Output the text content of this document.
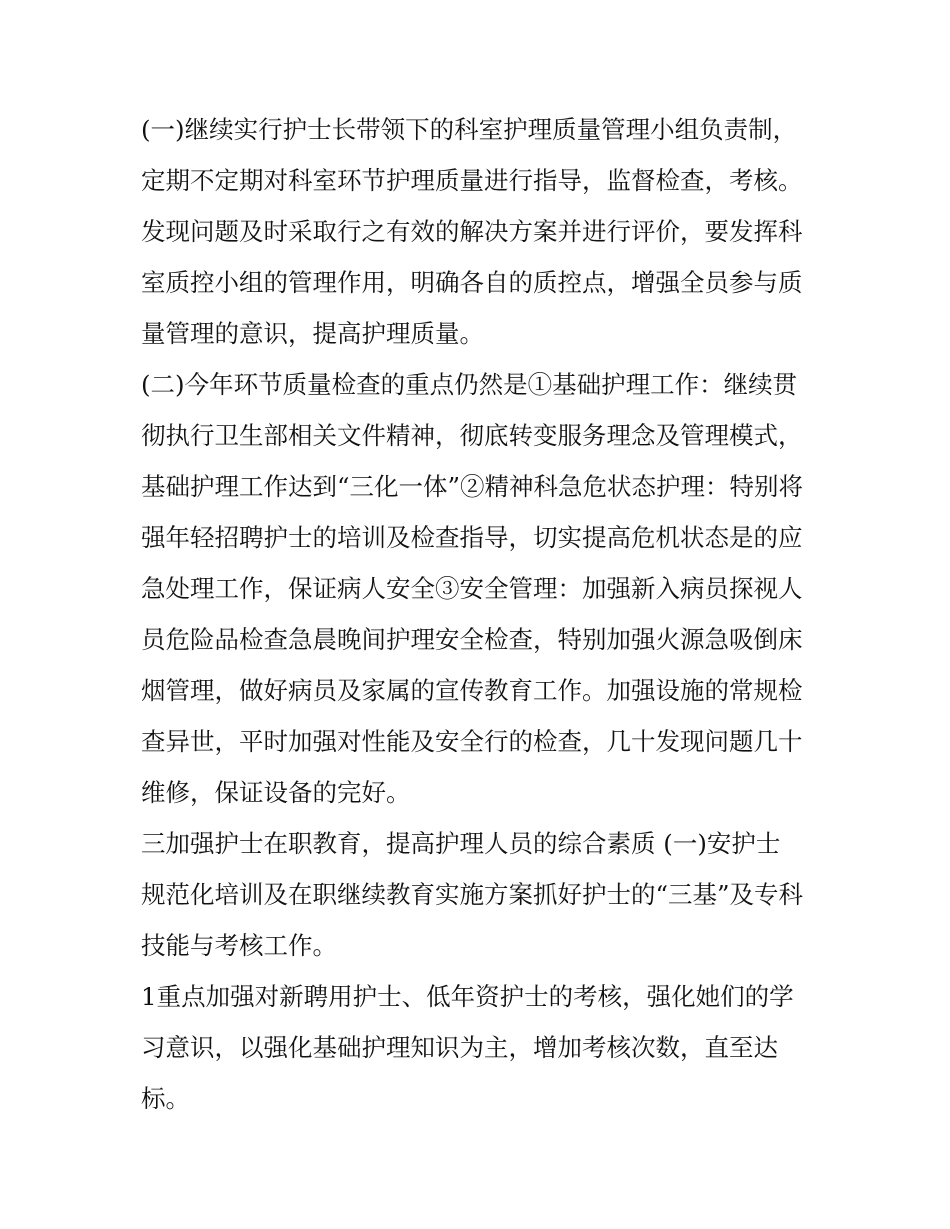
(一)继续实行护士长带领下的科室护理质量管理小组负责制，
定期不定期对科室环节护理质量进行指导，监督检查，考核。
发现问题及时采取行之有效的解决方案并进行评价，要发挥科
室质控小组的管理作用，明确各自的质控点，增强全员参与质
量管理的意识，提高护理质量。
(二)今年环节质量检查的重点仍然是①基础护理工作：继续贯
彻执行卫生部相关文件精神，彻底转变服务理念及管理模式，
基础护理工作达到“三化一体”②精神科急危状态护理：特别将
强年轻招聘护士的培训及检查指导，切实提高危机状态是的应
急处理工作，保证病人安全③安全管理：加强新入病员探视人
员危险品检查急晨晚间护理安全检查，特别加强火源急吸倒床
烟管理，做好病员及家属的宣传教育工作。加强设施的常规检
查异世，平时加强对性能及安全行的检查，几十发现问题几十
维修，保证设备的完好。
三加强护士在职教育，提高护理人员的综合素质 (一)安护士
规范化培训及在职继续教育实施方案抓好护士的“三基”及专科
技能与考核工作。
1重点加强对新聘用护士、低年资护士的考核，强化她们的学
习意识，以强化基础护理知识为主，增加考核次数，直至达
标。
